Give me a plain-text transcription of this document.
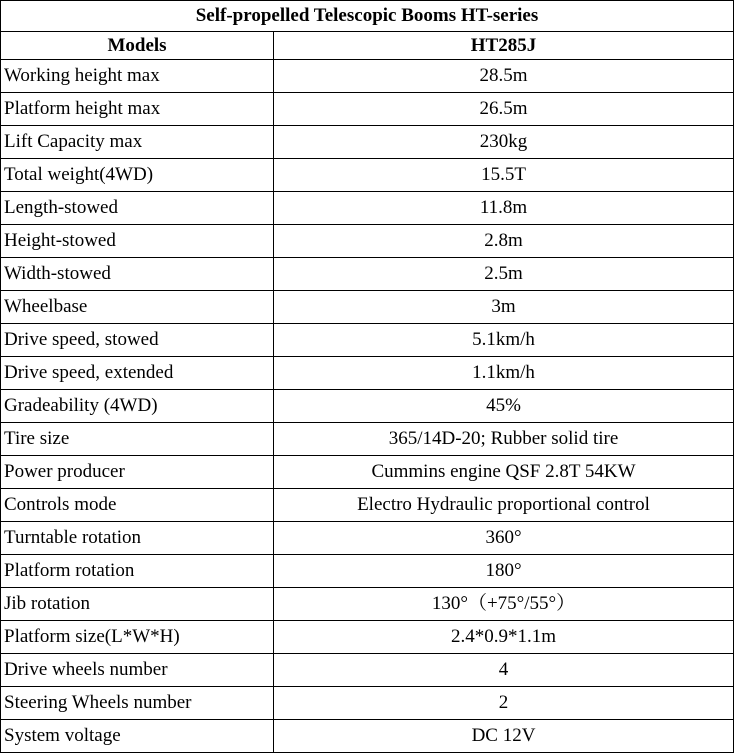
Self-propelled Telescopic Booms HT-series	
Models	HT285J
Working height max	28.5m
Platform height max	26.5m
Lift Capacity max	230kg
Total weight(4WD)	15.5T
Length-stowed	11.8m
Height-stowed	2.8m
Width-stowed	2.5m
Wheelbase	3m
Drive speed, stowed	5.1km/h
Drive speed, extended	1.1km/h
Gradeability (4WD)	45%
Tire size	365/14D-20; Rubber solid tire
Power producer	Cummins engine QSF 2.8T 54KW
Controls mode	Electro Hydraulic proportional control
Turntable rotation	360°
Platform rotation	180°
Jib rotation	130°（+75°/55°）
Platform size(L*W*H)	2.4*0.9*1.1m
Drive wheels number	4
Steering Wheels number	2
System voltage	DC 12V
